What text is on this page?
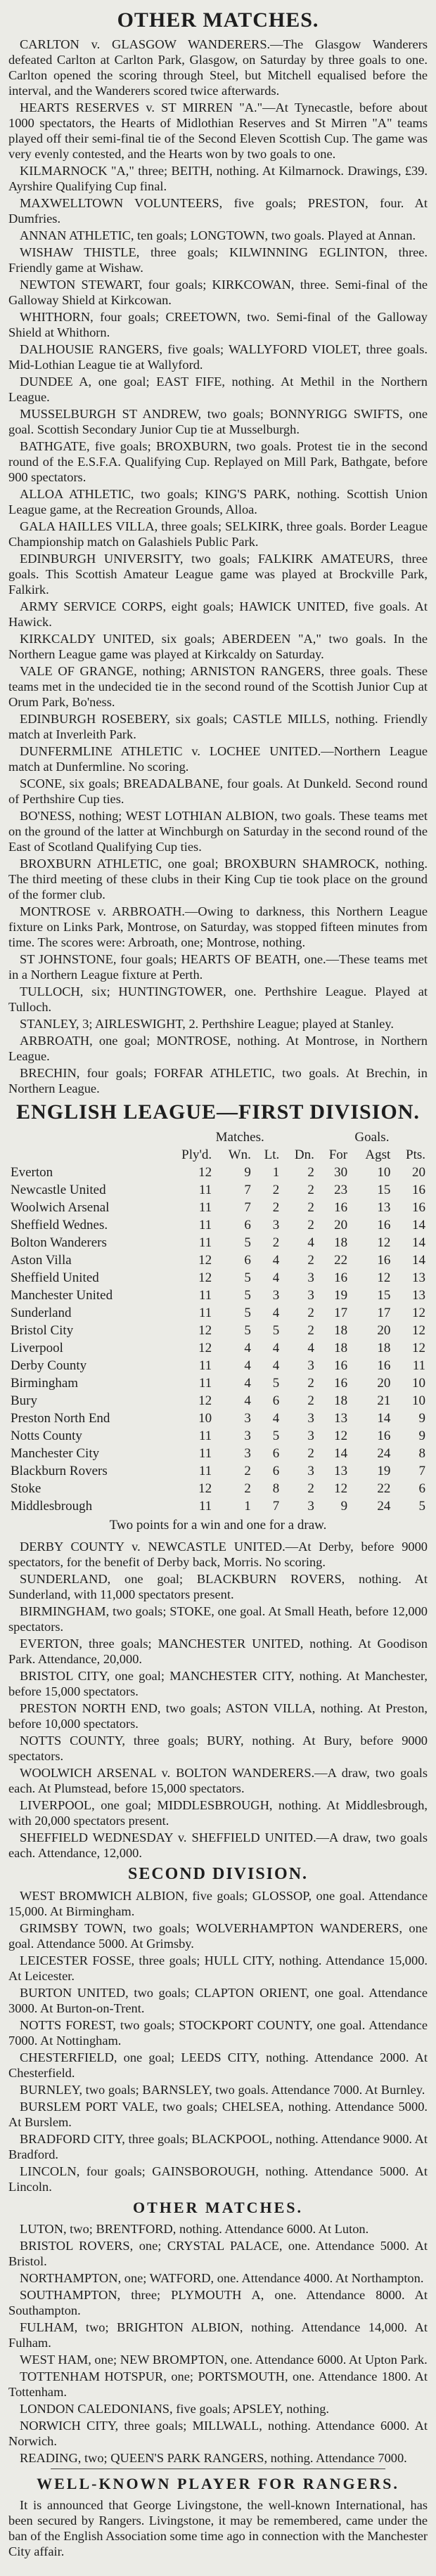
OTHER MATCHES.

CARLTON v. GLASGOW WANDERERS.—The Glasgow Wanderers defeated Carlton at Carlton Park, Glasgow, on Saturday by three goals to one. Carlton opened the scoring through Steel, but Mitchell equalised before the interval, and the Wanderers scored twice afterwards.

HEARTS RESERVES v. ST MIRREN "A."—At Tynecastle, before about 1000 spectators, the Hearts of Midlothian Reserves and St Mirren "A" teams played off their semi-final tie of the Second Eleven Scottish Cup. The game was very evenly contested, and the Hearts won by two goals to one.

KILMARNOCK "A," three; BEITH, nothing. At Kilmarnock. Drawings, £39. Ayrshire Qualifying Cup final.

MAXWELLTOWN VOLUNTEERS, five goals; PRESTON, four. At Dumfries.

ANNAN ATHLETIC, ten goals; LONGTOWN, two goals. Played at Annan.

WISHAW THISTLE, three goals; KILWINNING EGLINTON, three. Friendly game at Wishaw.

NEWTON STEWART, four goals; KIRKCOWAN, three. Semi-final of the Galloway Shield at Kirkcowan.

WHITHORN, four goals; CREETOWN, two. Semi-final of the Galloway Shield at Whithorn.

DALHOUSIE RANGERS, five goals; WALLYFORD VIOLET, three goals. Mid-Lothian League tie at Wallyford.

DUNDEE A, one goal; EAST FIFE, nothing. At Methil in the Northern League.

MUSSELBURGH ST ANDREW, two goals; BONNYRIGG SWIFTS, one goal. Scottish Secondary Junior Cup tie at Musselburgh.

BATHGATE, five goals; BROXBURN, two goals. Protest tie in the second round of the E.S.F.A. Qualifying Cup. Replayed on Mill Park, Bathgate, before 900 spectators.

ALLOA ATHLETIC, two goals; KING'S PARK, nothing. Scottish Union League game, at the Recreation Grounds, Alloa.

GALA HAILLES VILLA, three goals; SELKIRK, three goals. Border League Championship match on Galashiels Public Park.

EDINBURGH UNIVERSITY, two goals; FALKIRK AMATEURS, three goals. This Scottish Amateur League game was played at Brockville Park, Falkirk.

ARMY SERVICE CORPS, eight goals; HAWICK UNITED, five goals. At Hawick.

KIRKCALDY UNITED, six goals; ABERDEEN "A," two goals. In the Northern League game was played at Kirkcaldy on Saturday.

VALE OF GRANGE, nothing; ARNISTON RANGERS, three goals. These teams met in the undecided tie in the second round of the Scottish Junior Cup at Orum Park, Bo'ness.

EDINBURGH ROSEBERY, six goals; CASTLE MILLS, nothing. Friendly match at Inverleith Park.

DUNFERMLINE ATHLETIC v. LOCHEE UNITED.—Northern League match at Dunfermline. No scoring.

SCONE, six goals; BREADALBANE, four goals. At Dunkeld. Second round of Perthshire Cup ties.

BO'NESS, nothing; WEST LOTHIAN ALBION, two goals. These teams met on the ground of the latter at Winchburgh on Saturday in the second round of the East of Scotland Qualifying Cup ties.

BROXBURN ATHLETIC, one goal; BROXBURN SHAMROCK, nothing. The third meeting of these clubs in their King Cup tie took place on the ground of the former club.

MONTROSE v. ARBROATH.—Owing to darkness, this Northern League fixture on Links Park, Montrose, on Saturday, was stopped fifteen minutes from time. The scores were: Arbroath, one; Montrose, nothing.

ST JOHNSTONE, four goals; HEARTS OF BEATH, one.—These teams met in a Northern League fixture at Perth.

TULLOCH, six; HUNTINGTOWER, one. Perthshire League. Played at Tulloch.

STANLEY, 3; AIRLESWIGHT, 2. Perthshire League; played at Stanley.

ARBROATH, one goal; MONTROSE, nothing. At Montrose, in Northern League.

BRECHIN, four goals; FORFAR ATHLETIC, two goals. At Brechin, in Northern League.

ENGLISH LEAGUE—FIRST DIVISION.
	Matches.				Goals.		
	Ply'd.	Wn.	Lt.	Dn.	For	Agst	Pts.
Everton	12	9	1	2	30	10	20
Newcastle United	11	7	2	2	23	15	16
Woolwich Arsenal	11	7	2	2	16	13	16
Sheffield Wednes.	11	6	3	2	20	16	14
Bolton Wanderers	11	5	2	4	18	12	14
Aston Villa	12	6	4	2	22	16	14
Sheffield United	12	5	4	3	16	12	13
Manchester United	11	5	3	3	19	15	13
Sunderland	11	5	4	2	17	17	12
Bristol City	12	5	5	2	18	20	12
Liverpool	12	4	4	4	18	18	12
Derby County	11	4	4	3	16	16	11
Birmingham	11	4	5	2	16	20	10
Bury	12	4	6	2	18	21	10
Preston North End	10	3	4	3	13	14	9
Notts County	11	3	5	3	12	16	9
Manchester City	11	3	6	2	14	24	8
Blackburn Rovers	11	2	6	3	13	19	7
Stoke	12	2	8	2	12	22	6
Middlesbrough	11	1	7	3	9	24	5
Two points for a win and one for a draw.

DERBY COUNTY v. NEWCASTLE UNITED.—At Derby, before 9000 spectators, for the benefit of Derby back, Morris. No scoring.

SUNDERLAND, one goal; BLACKBURN ROVERS, nothing. At Sunderland, with 11,000 spectators present.

BIRMINGHAM, two goals; STOKE, one goal. At Small Heath, before 12,000 spectators.

EVERTON, three goals; MANCHESTER UNITED, nothing. At Goodison Park. Attendance, 20,000.

BRISTOL CITY, one goal; MANCHESTER CITY, nothing. At Manchester, before 15,000 spectators.

PRESTON NORTH END, two goals; ASTON VILLA, nothing. At Preston, before 10,000 spectators.

NOTTS COUNTY, three goals; BURY, nothing. At Bury, before 9000 spectators.

WOOLWICH ARSENAL v. BOLTON WANDERERS.—A draw, two goals each. At Plumstead, before 15,000 spectators.

LIVERPOOL, one goal; MIDDLESBROUGH, nothing. At Middlesbrough, with 20,000 spectators present.

SHEFFIELD WEDNESDAY v. SHEFFIELD UNITED.—A draw, two goals each. Attendance, 12,000.

SECOND DIVISION.

WEST BROMWICH ALBION, five goals; GLOSSOP, one goal. Attendance 15,000. At Birmingham.

GRIMSBY TOWN, two goals; WOLVERHAMPTON WANDERERS, one goal. Attendance 5000. At Grimsby.

LEICESTER FOSSE, three goals; HULL CITY, nothing. Attendance 15,000. At Leicester.

BURTON UNITED, two goals; CLAPTON ORIENT, one goal. Attendance 3000. At Burton-on-Trent.

NOTTS FOREST, two goals; STOCKPORT COUNTY, one goal. Attendance 7000. At Nottingham.

CHESTERFIELD, one goal; LEEDS CITY, nothing. Attendance 2000. At Chesterfield.

BURNLEY, two goals; BARNSLEY, two goals. Attendance 7000. At Burnley.

BURSLEM PORT VALE, two goals; CHELSEA, nothing. Attendance 5000. At Burslem.

BRADFORD CITY, three goals; BLACKPOOL, nothing. Attendance 9000. At Bradford.

LINCOLN, four goals; GAINSBOROUGH, nothing. Attendance 5000. At Lincoln.

OTHER MATCHES.

LUTON, two; BRENTFORD, nothing. Attendance 6000. At Luton.

BRISTOL ROVERS, one; CRYSTAL PALACE, one. Attendance 5000. At Bristol.

NORTHAMPTON, one; WATFORD, one. Attendance 4000. At Northampton.

SOUTHAMPTON, three; PLYMOUTH A, one. Attendance 8000. At Southampton.

FULHAM, two; BRIGHTON ALBION, nothing. Attendance 14,000. At Fulham.

WEST HAM, one; NEW BROMPTON, one. Attendance 6000. At Upton Park.

TOTTENHAM HOTSPUR, one; PORTSMOUTH, one. Attendance 1800. At Tottenham.

LONDON CALEDONIANS, five goals; APSLEY, nothing.

NORWICH CITY, three goals; MILLWALL, nothing. Attendance 6000. At Norwich.

READING, two; QUEEN'S PARK RANGERS, nothing. Attendance 7000.

WELL-KNOWN PLAYER FOR RANGERS.

It is announced that George Livingstone, the well-known International, has been secured by Rangers. Livingstone, it may be remembered, came under the ban of the English Association some time ago in connection with the Manchester City affair.
